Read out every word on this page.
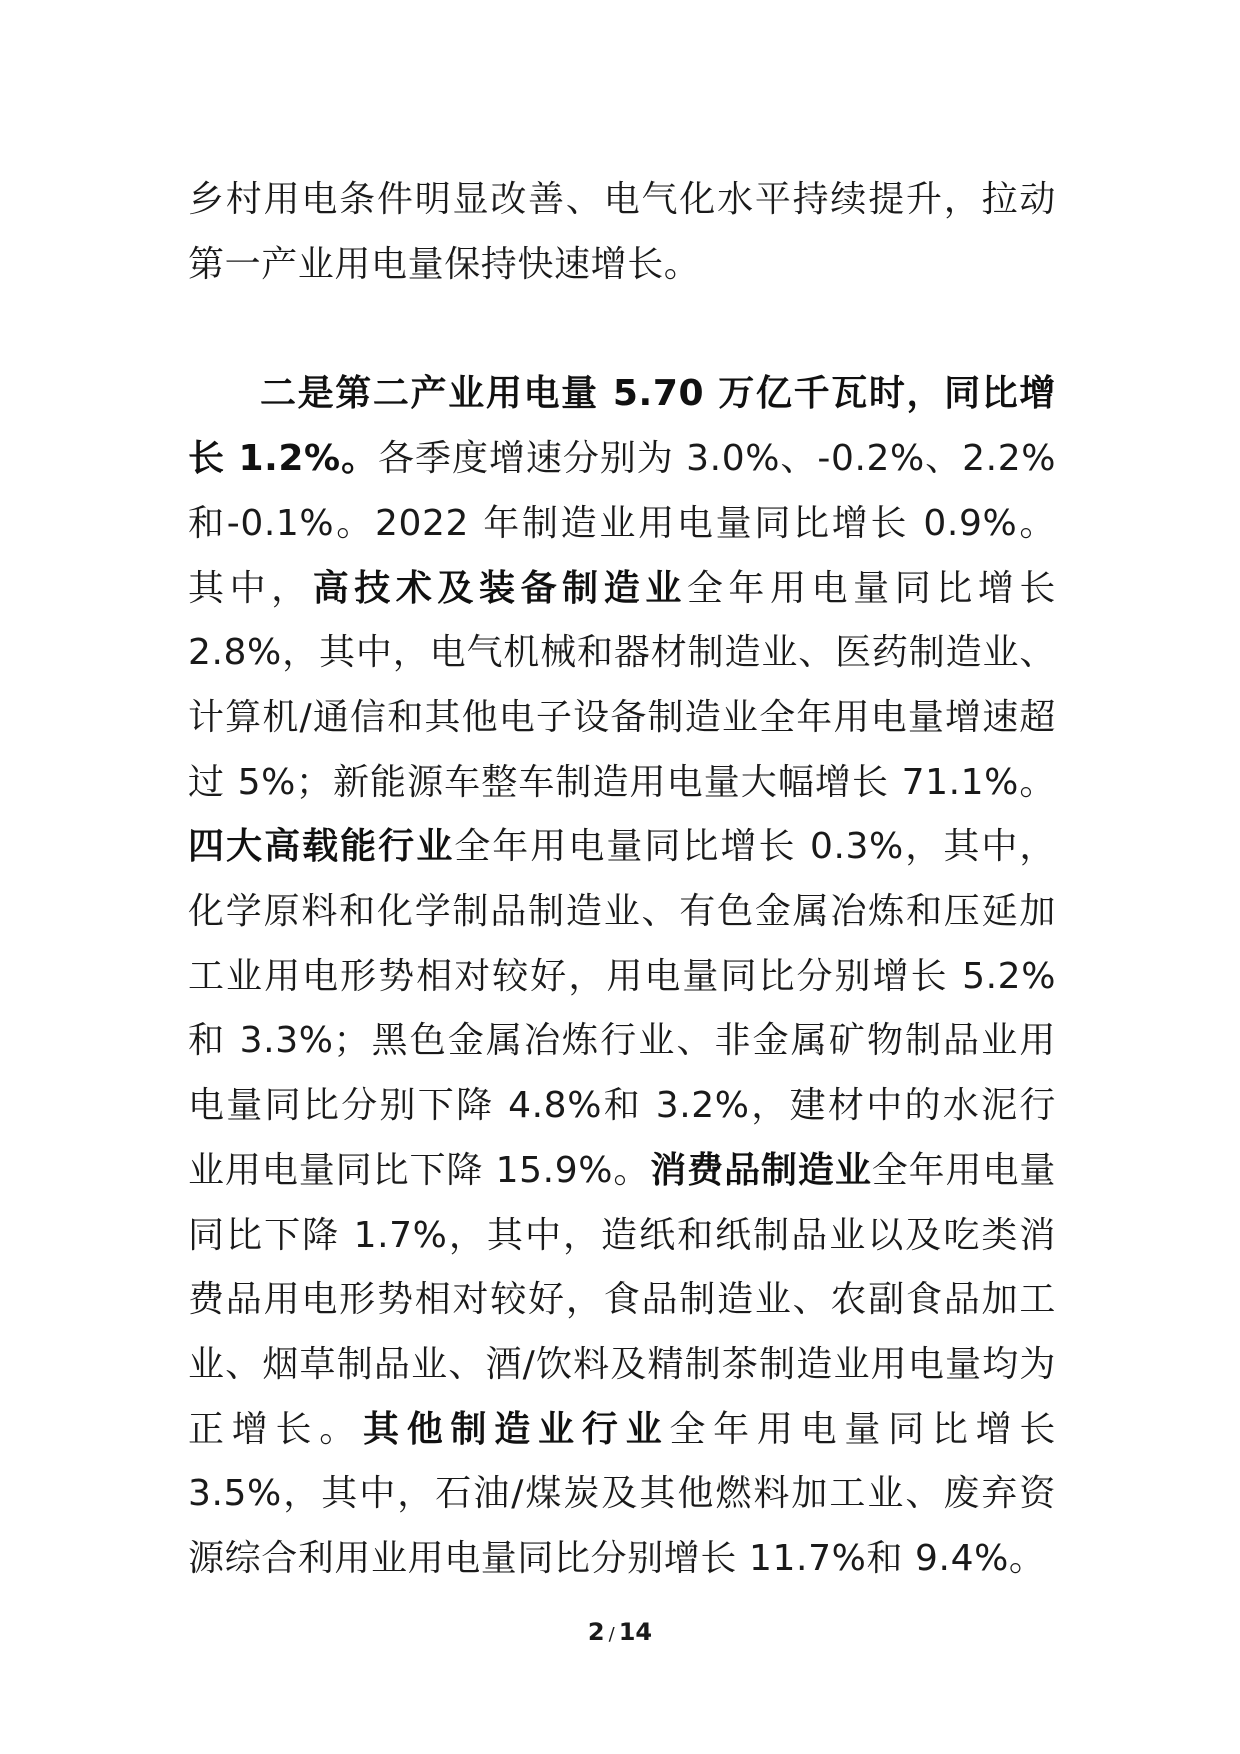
乡村用电条件明显改善、电气化水平持续提升，拉动第一产业用电量保持快速增长。

二是第二产业用电量 5.70 万亿千瓦时，同比增长 1.2%。各季度增速分别为 3.0%、-0.2%、2.2%和-0.1%。2022 年制造业用电量同比增长 0.9%。其中，高技术及装备制造业全年用电量同比增长 2.8%，其中，电气机械和器材制造业、医药制造业、计算机/通信和其他电子设备制造业全年用电量增速超过 5%；新能源车整车制造用电量大幅增长 71.1%。四大高载能行业全年用电量同比增长 0.3%，其中，化学原料和化学制品制造业、有色金属冶炼和压延加工业用电形势相对较好，用电量同比分别增长 5.2%和 3.3%；黑色金属冶炼行业、非金属矿物制品业用电量同比分别下降 4.8%和 3.2%，建材中的水泥行业用电量同比下降 15.9%。消费品制造业全年用电量同比下降 1.7%，其中，造纸和纸制品业以及吃类消费品用电形势相对较好，食品制造业、农副食品加工业、烟草制品业、酒/饮料及精制茶制造业用电量均为正增长。其他制造业行业全年用电量同比增长 3.5%，其中，石油/煤炭及其他燃料加工业、废弃资源综合利用业用电量同比分别增长 11.7%和 9.4%。

2 / 14
